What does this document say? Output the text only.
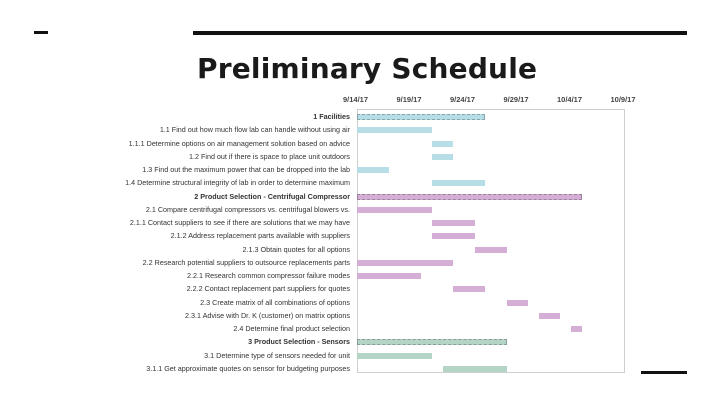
Preliminary Schedule
9/14/17	9/19/17	9/24/17	9/29/17	10/4/17	10/9/17
1 Facilities
1.1 Find out how much flow lab can handle without using air
1.1.1 Determine options on air management solution based on advice
1.2 Find out if there is space to place unit outdoors
1.3 Find out the maximum power that can be dropped into the lab
1.4 Determine structural integrity of lab in order to determine maximum
2 Product Selection - Centrifugal Compressor
2.1 Compare centrifugal compressors vs. centrifugal blowers vs.
2.1.1 Contact suppliers to see if there are solutions that we may have
2.1.2 Address replacement parts available with suppliers
2.1.3 Obtain quotes for all options
2.2 Research potential suppliers to outsource replacements parts
2.2.1 Research common compressor failure modes
2.2.2 Contact replacement part suppliers for quotes
2.3 Create matrix of all combinations of options
2.3.1 Advise with Dr. K (customer) on matrix options
2.4 Determine final product selection
3 Product Selection - Sensors
3.1 Determine type of sensors needed for unit
3.1.1 Get approximate quotes on sensor for budgeting purposes
